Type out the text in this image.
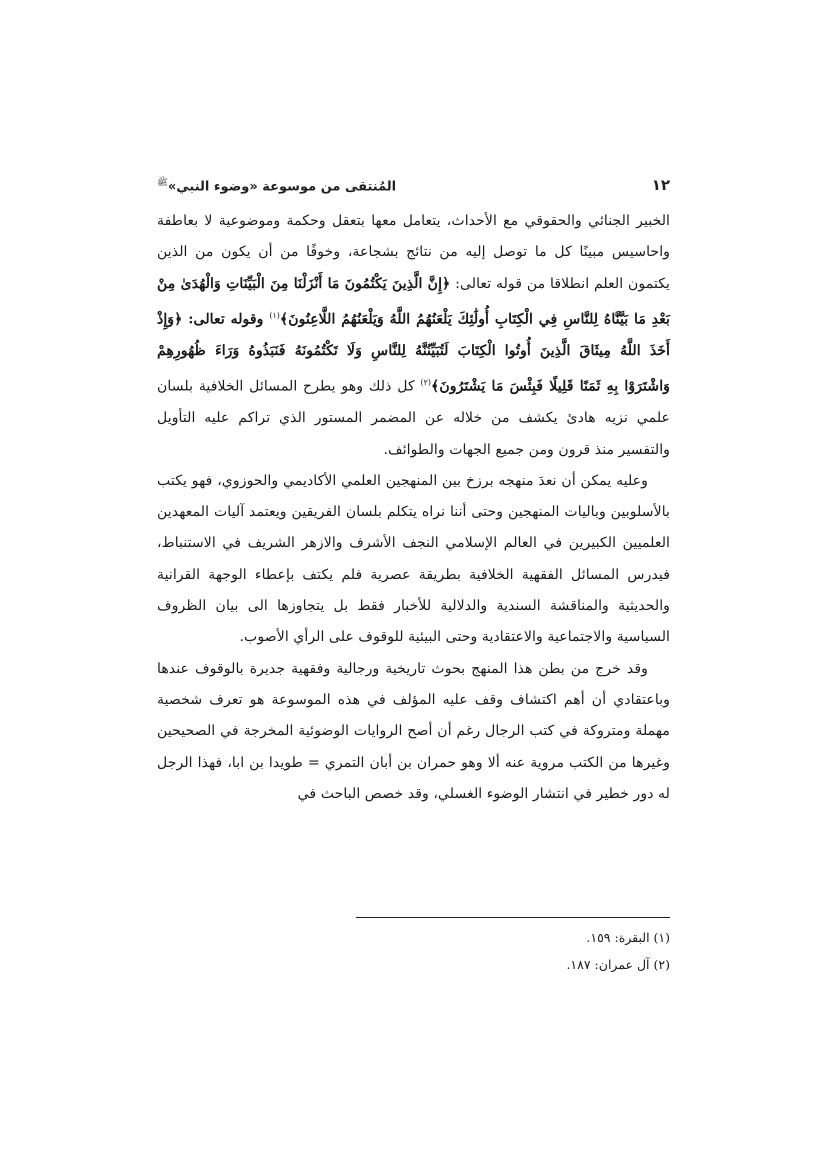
١٢
المُنتقى من موسوعة «وضوء النبي»$^ﷺ$

الخبير الجنائي والحقوقي مع الأحداث، يتعامل معها بتعقل وحكمة وموضوعية لا بعاطفة واحاسيس مبينًا كل ما توصل إليه من نتائج بشجاعة، وخوفًا من أن يكون من الذين يكتمون العلم انطلاقا من قوله تعالى: ﴿إِنَّ الَّذِينَ يَكْتُمُونَ مَا أَنْزَلْنَا مِنَ الْبَيِّنَاتِ وَالْهُدَىٰ مِنْ بَعْدِ مَا بَيَّنَّاهُ لِلنَّاسِ فِي الْكِتَابِ أُولَٰئِكَ يَلْعَنُهُمُ اللَّهُ وَيَلْعَنُهُمُ اللَّاعِنُونَ﴾$^{(١)}$ وقوله تعالى: ﴿وَإِذْ أَخَذَ اللَّهُ مِيثَاقَ الَّذِينَ أُوتُوا الْكِتَابَ لَتُبَيِّنُنَّهُ لِلنَّاسِ وَلَا تَكْتُمُونَهُ فَنَبَذُوهُ وَرَاءَ ظُهُورِهِمْ وَاشْتَرَوْا بِهِ ثَمَنًا قَلِيلًا فَبِئْسَ مَا يَشْتَرُونَ﴾$^{(٢)}$ كل ذلك وهو يطرح المسائل الخلافية بلسان علمي نزيه هادئ يكشف من خلاله عن المضمر المستور الذي تراكم عليه التأويل والتفسير منذ قرون ومن جميع الجهات والطوائف.

وعليه يمكن أن نعدَ منهجه برزخ بين المنهجين العلمي الأكاديمي والحوزوي، فهو يكتب بالأسلوبين وباليات المنهجين وحتى أننا نراه يتكلم بلسان الفريقين ويعتمد آليات المعهدين العلميين الكبيرين في العالم الإسلامي النجف الأشرف والازهر الشريف في الاستنباط، فيدرس المسائل الفقهية الخلافية بطريقة عصرية فلم يكتف بإعطاء الوجهة القرانية والحديثية والمناقشة السندية والدلالية للأخبار فقط بل يتجاوزها الى بيان الظروف السياسية والاجتماعية والاعتقادية وحتى البيئية للوقوف على الرأي الأصوب.

وقد خرج من بطن هذا المنهج بحوث تاريخية ورجالية وفقهية جديرة بالوقوف عندها وباعتقادي أن أهم اكتشاف وقف عليه المؤلف في هذه الموسوعة هو تعرف شخصية مهملة ومتروكة في كتب الرجال رغم أن أصح الروايات الوضوئية المخرجة في الصحيحين وغيرها من الكتب مروية عنه ألا وهو حمران بن أبان التمري = طويدا بن ابا، فهذا الرجل له دور خطير في انتشار الوضوء الغسلي، وقد خصص الباحث في

(١) البقرة: ١٥٩.
(٢) آل عمران: ١٨٧.
